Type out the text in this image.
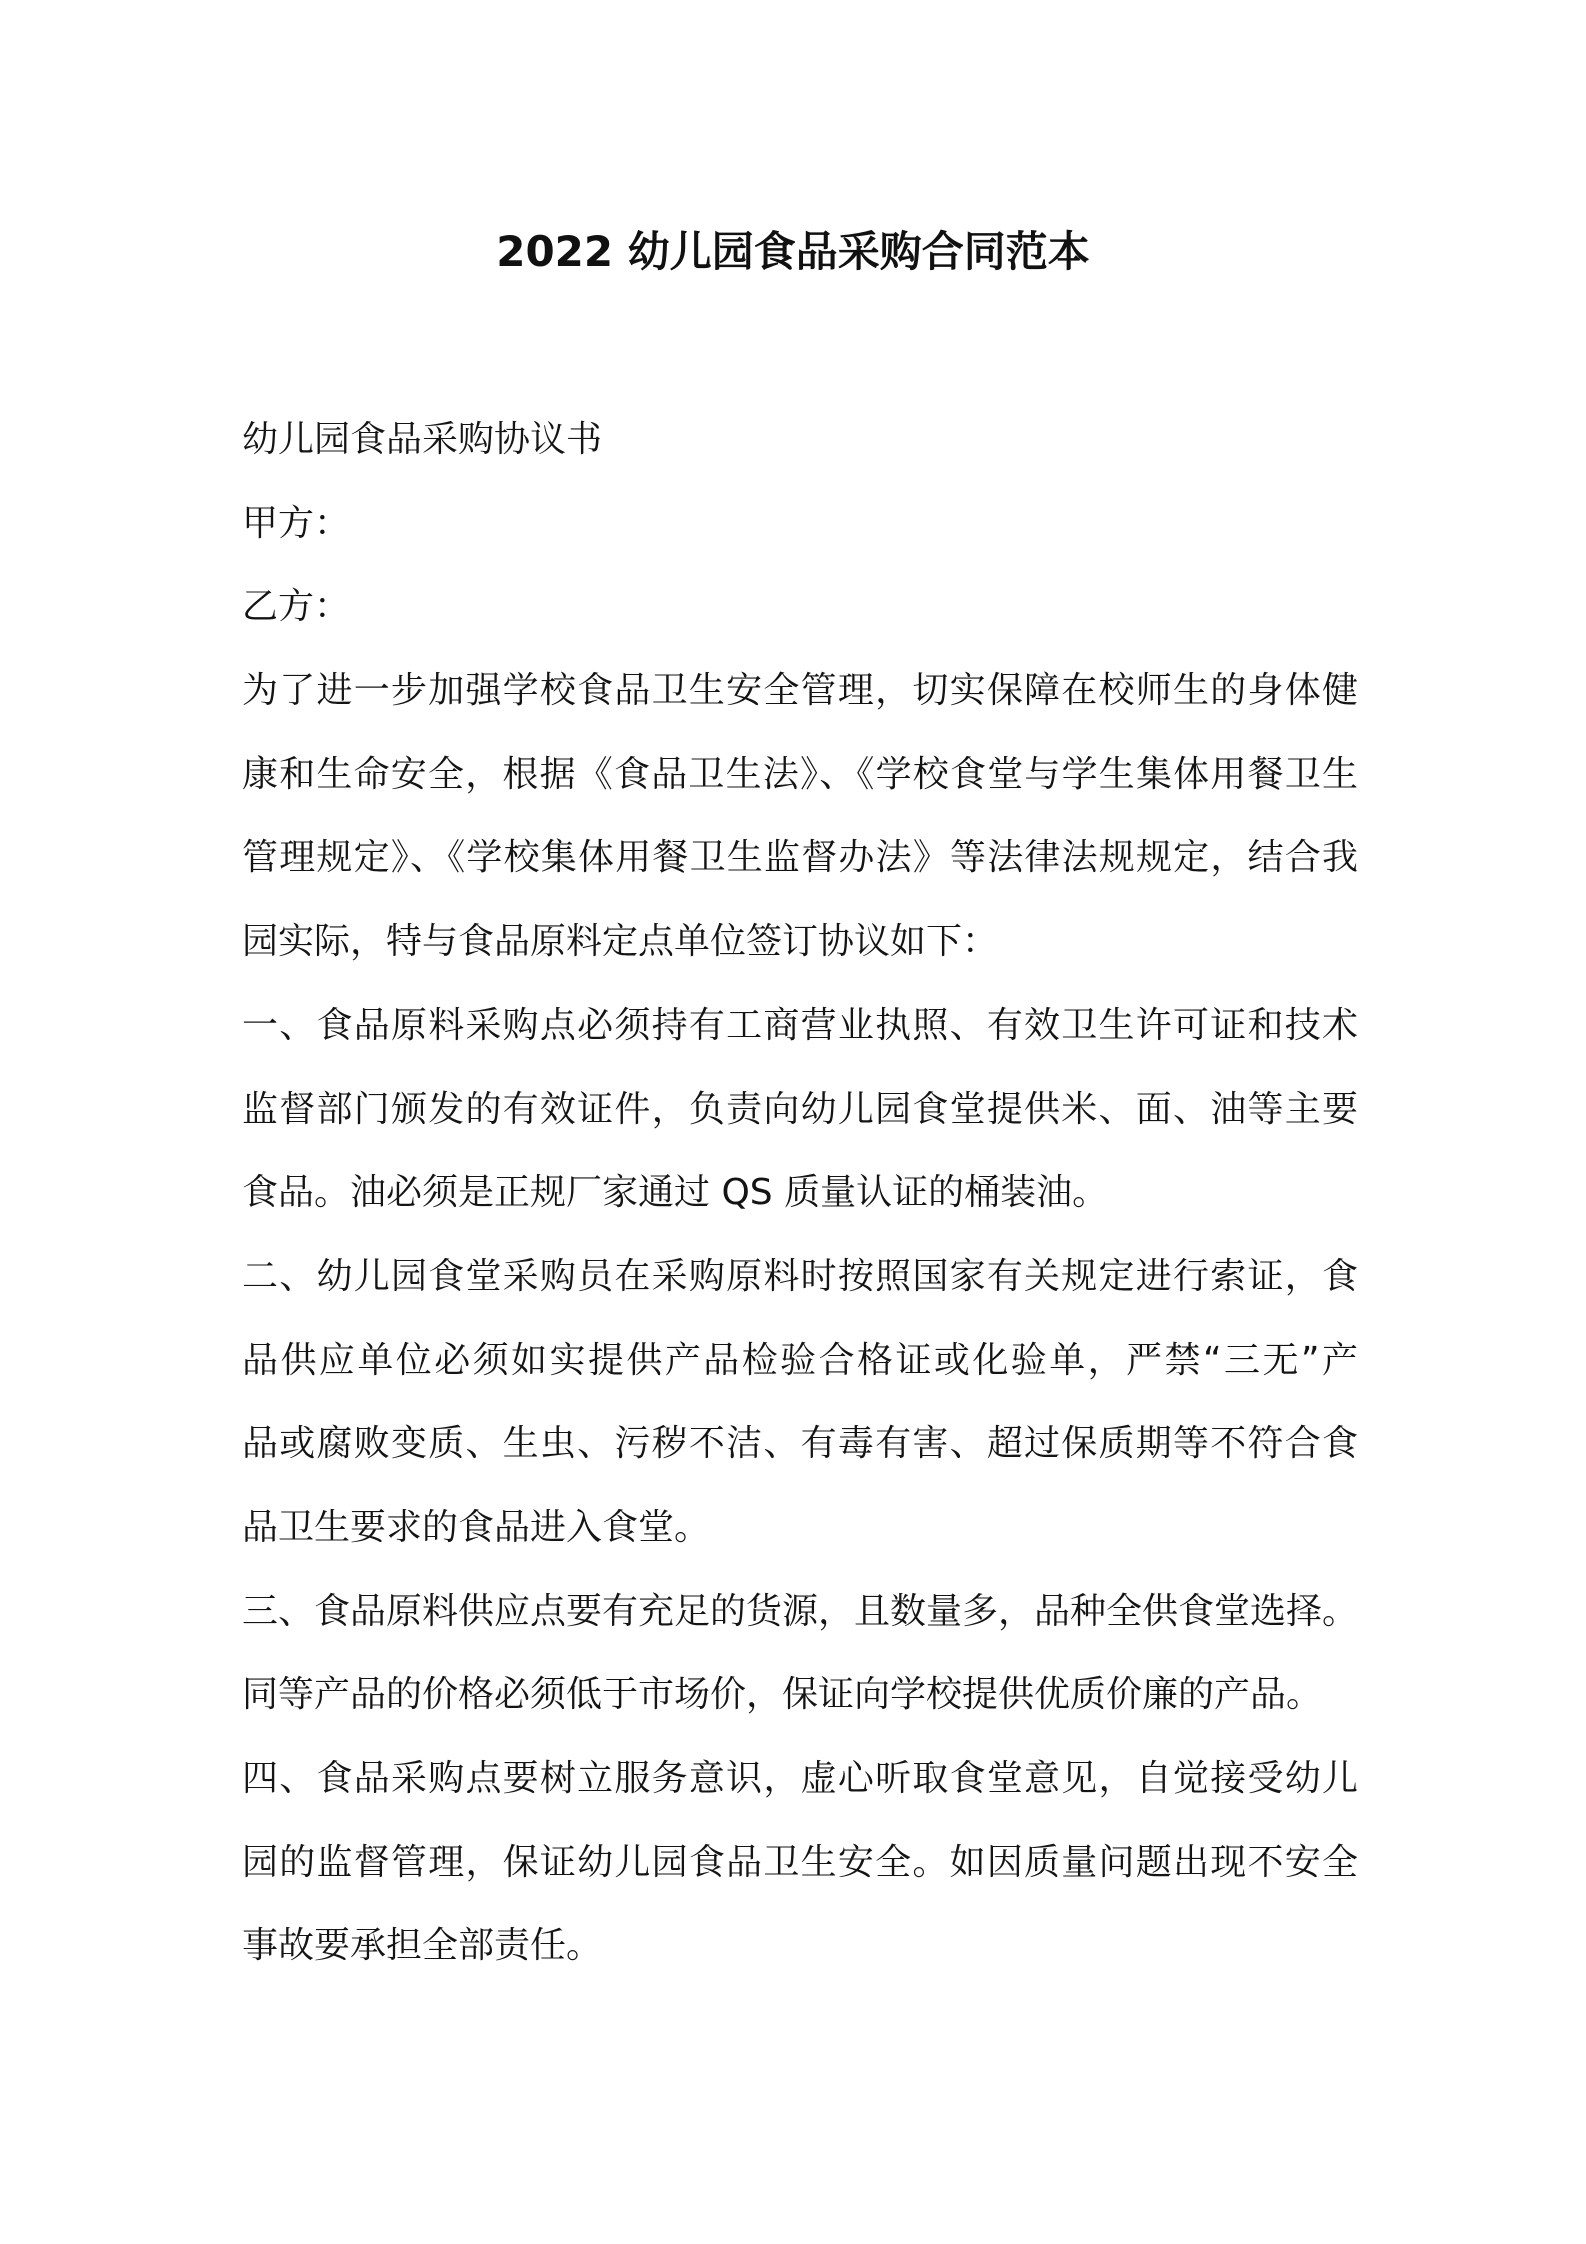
2022 幼儿园食品采购合同范本
幼儿园食品采购协议书
甲方：
乙方：
为了进一步加强学校食品卫生安全管理，切实保障在校师生的身体健
康和生命安全，根据《食品卫生法》、《学校食堂与学生集体用餐卫生
管理规定》、《学校集体用餐卫生监督办法》等法律法规规定，结合我
园实际，特与食品原料定点单位签订协议如下：
一、食品原料采购点必须持有工商营业执照、有效卫生许可证和技术
监督部门颁发的有效证件，负责向幼儿园食堂提供米、面、油等主要
食品。油必须是正规厂家通过 QS 质量认证的桶装油。
二、幼儿园食堂采购员在采购原料时按照国家有关规定进行索证，食
品供应单位必须如实提供产品检验合格证或化验单，严禁“三无”产
品或腐败变质、生虫、污秽不洁、有毒有害、超过保质期等不符合食
品卫生要求的食品进入食堂。
三、食品原料供应点要有充足的货源，且数量多，品种全供食堂选择。
同等产品的价格必须低于市场价，保证向学校提供优质价廉的产品。
四、食品采购点要树立服务意识，虚心听取食堂意见，自觉接受幼儿
园的监督管理，保证幼儿园食品卫生安全。如因质量问题出现不安全
事故要承担全部责任。
